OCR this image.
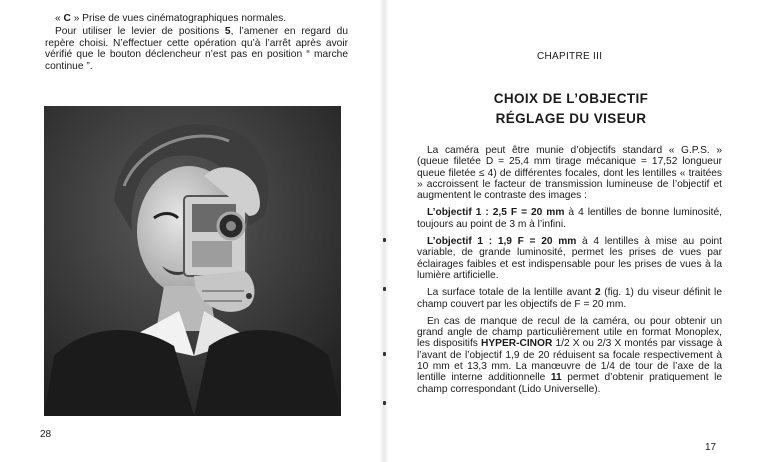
« C » Prise de vues cinématographiques normales.

Pour utiliser le levier de positions 5, l’amener en regard du repère choisi. N’effectuer cette opération qu’à l’arrêt après avoir vérifié que le bouton déclencheur n’est pas en position “ marche continue ”.

28
CHAPITRE III
CHOIX DE L’OBJECTIF
RÉGLAGE DU VISEUR

La caméra peut être munie d’objectifs standard « G.P.S. » (queue filetée D = 25,4 mm tirage mécanique = 17,52 longueur queue filetée ≤ 4) de différentes focales, dont les lentilles « traitées » accroissent le facteur de transmission lumineuse de l’objectif et augmentent le contraste des images :

L’objectif 1 : 2,5 F = 20 mm à 4 lentilles de bonne luminosité, toujours au point de 3 m à l’infini.

L’objectif 1 : 1,9 F = 20 mm à 4 lentilles à mise au point variable, de grande luminosité, permet les prises de vues par éclairages faibles et est indispensable pour les prises de vues à la lumière artificielle.

La surface totale de la lentille avant 2 (fig. 1) du viseur définit le champ couvert par les objectifs de F = 20 mm.

En cas de manque de recul de la caméra, ou pour obtenir un grand angle de champ particulièrement utile en format Monoplex, les dispositifs HYPER-CINOR 1/2 X ou 2/3 X montés par vissage à l’avant de l’objectif 1,9 de 20 réduisent sa focale respectivement à 10 mm et 13,3 mm. La manœuvre de 1/4 de tour de l’axe de la lentille interne additionnelle 11 permet d’obtenir pratiquement le champ correspondant (Lido Universelle).

17
